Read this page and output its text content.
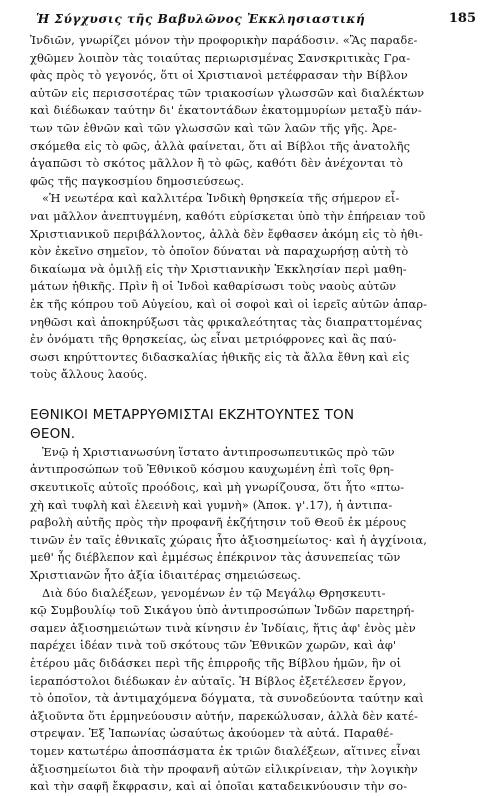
Ἡ Σύγχυσις τῆς Βαβυλῶνος Ἐκκλησιαστική	185
Ἰνδιῶν, γνωρίζει μόνον τὴν προφορικὴν παράδοσιν. «Ἂς παραδε-
χθῶμεν λοιπὸν τὰς τοιαύτας περιωρισμένας Σανσκριτικὰς Γρα-
φὰς πρὸς τὸ γεγονός, ὅτι οἱ Χριστιανοὶ μετέφρασαν τὴν Βίβλον
αὐτῶν εἰς περισσοτέρας τῶν τριακοσίων γλωσσῶν καὶ διαλέκτων
καὶ διέδωκαν ταύτην δι' ἑκατοντάδων ἑκατομμυρίων μεταξὺ πάν-
των τῶν ἐθνῶν καὶ τῶν γλωσσῶν καὶ τῶν λαῶν τῆς γῆς. Ἀρε-
σκόμεθα εἰς τὸ φῶς, ἀλλὰ φαίνεται, ὅτι αἱ Βίβλοι τῆς ἀνατολῆς
ἀγαπῶσι τὸ σκότος μᾶλλον ἢ τὸ φῶς, καθότι δὲν ἀνέχονται τὸ
φῶς τῆς παγκοσμίου δημοσιεύσεως.
«Ἡ νεωτέρα καὶ καλλιτέρα Ἰνδικὴ θρησκεία τῆς σήμερον εἶ-
ναι μᾶλλον ἀνεπτυγμένη, καθότι εὑρίσκεται ὑπὸ τὴν ἐπήρειαν τοῦ
Χριστιανικοῦ περιβάλλοντος, ἀλλὰ δὲν ἔφθασεν ἀκόμη εἰς τὸ ἠθι-
κὸν ἐκεῖνο σημεῖον, τὸ ὁποῖον δύναται νὰ παραχωρήσῃ αὐτὴ τὸ
δικαίωμα νὰ ὁμιλῇ εἰς τὴν Χριστιανικὴν Ἐκκλησίαν περὶ μαθη-
μάτων ἠθικῆς. Πρὶν ἢ οἱ Ἰνδοὶ καθαρίσωσι τοὺς ναοὺς αὐτῶν
ἐκ τῆς κόπρου τοῦ Αὐγείου, καὶ οἱ σοφοὶ καὶ οἱ ἱερεῖς αὐτῶν ἀπαρ-
νηθῶσι καὶ ἀποκηρύξωσι τὰς φρικαλεότητας τὰς διαπραττομένας
ἐν ὀνόματι τῆς θρησκείας, ὡς εἶναι μετριόφρονες καὶ ἂς παύ-
σωσι κηρύττοντες διδασκαλίας ἠθικῆς εἰς τὰ ἄλλα ἔθνη καὶ εἰς
τοὺς ἄλλους λαούς.
ΕΘΝΙΚΟΙ ΜΕΤΑΡΡΥΘΜΙΣΤΑΙ ΕΚΖΗΤΟΥΝΤΕΣ ΤΟΝ
ΘΕΟΝ.
Ἐνῷ ἡ Χριστιανωσύνη ἵστατο ἀντιπροσωπευτικῶς πρὸ τῶν
ἀντιπροσώπων τοῦ Ἐθνικοῦ κόσμου καυχωμένη ἐπὶ τοῖς θρη-
σκευτικοῖς αὐτοῖς προόδοις, καὶ μὴ γνωρίζουσα, ὅτι ἦτο «πτω-
χὴ καὶ τυφλὴ καὶ ἐλεεινὴ καὶ γυμνὴ» (Ἀποκ. γ'.17), ἡ ἀντιπα-
ραβολὴ αὐτῆς πρὸς τὴν προφανῆ ἐκζήτησιν τοῦ Θεοῦ ἐκ μέρους
τινῶν ἐν ταῖς ἐθνικαῖς χώραις ἦτο ἀξιοσημείωτος· καὶ ἡ ἀγχίνοια,
μεθ' ἧς διέβλεπον καὶ ἐμμέσως ἐπέκρινον τὰς ἀσυνεπείας τῶν
Χριστιανῶν ἦτο ἀξία ἰδιαιτέρας σημειώσεως.
Διὰ δύο διαλέξεων, γενομένων ἐν τῷ Μεγάλῳ Θρησκευτι-
κῷ Συμβουλίῳ τοῦ Σικάγου ὑπὸ ἀντιπροσώπων Ἰνδῶν παρετηρή-
σαμεν ἀξιοσημειώτων τινὰ κίνησιν ἐν Ἰνδίαις, ἥτις ἀφ' ἑνὸς μὲν
παρέχει ἰδέαν τινὰ τοῦ σκότους τῶν Ἐθνικῶν χωρῶν, καὶ ἀφ'
ἑτέρου μᾶς διδάσκει περὶ τῆς ἐπιρροῆς τῆς Βίβλου ἡμῶν, ἣν οἱ
ἱεραπόστολοι διέδωκαν ἐν αὐταῖς. Ἡ Βίβλος ἐξετέλεσεν ἔργον,
τὸ ὁποῖον, τὰ ἀντιμαχόμενα δόγματα, τὰ συνοδεύοντα ταύτην καὶ
ἀξιοῦντα ὅτι ἑρμηνεύουσιν αὐτήν, παρεκώλυσαν, ἀλλὰ δὲν κατέ-
στρεψαν. Ἐξ Ἰαπωνίας ὡσαύτως ἀκούομεν τὰ αὐτά. Παραθέ-
τομεν κατωτέρω ἀποσπάσματα ἐκ τριῶν διαλέξεων, αἵτινες εἶναι
ἀξιοσημείωτοι διὰ τὴν προφανῆ αὐτῶν εἰλικρίνειαν, τὴν λογικὴν
καὶ τὴν σαφῆ ἔκφρασιν, καὶ αἱ ὁποῖαι καταδεικνύουσιν τὴν σο-
